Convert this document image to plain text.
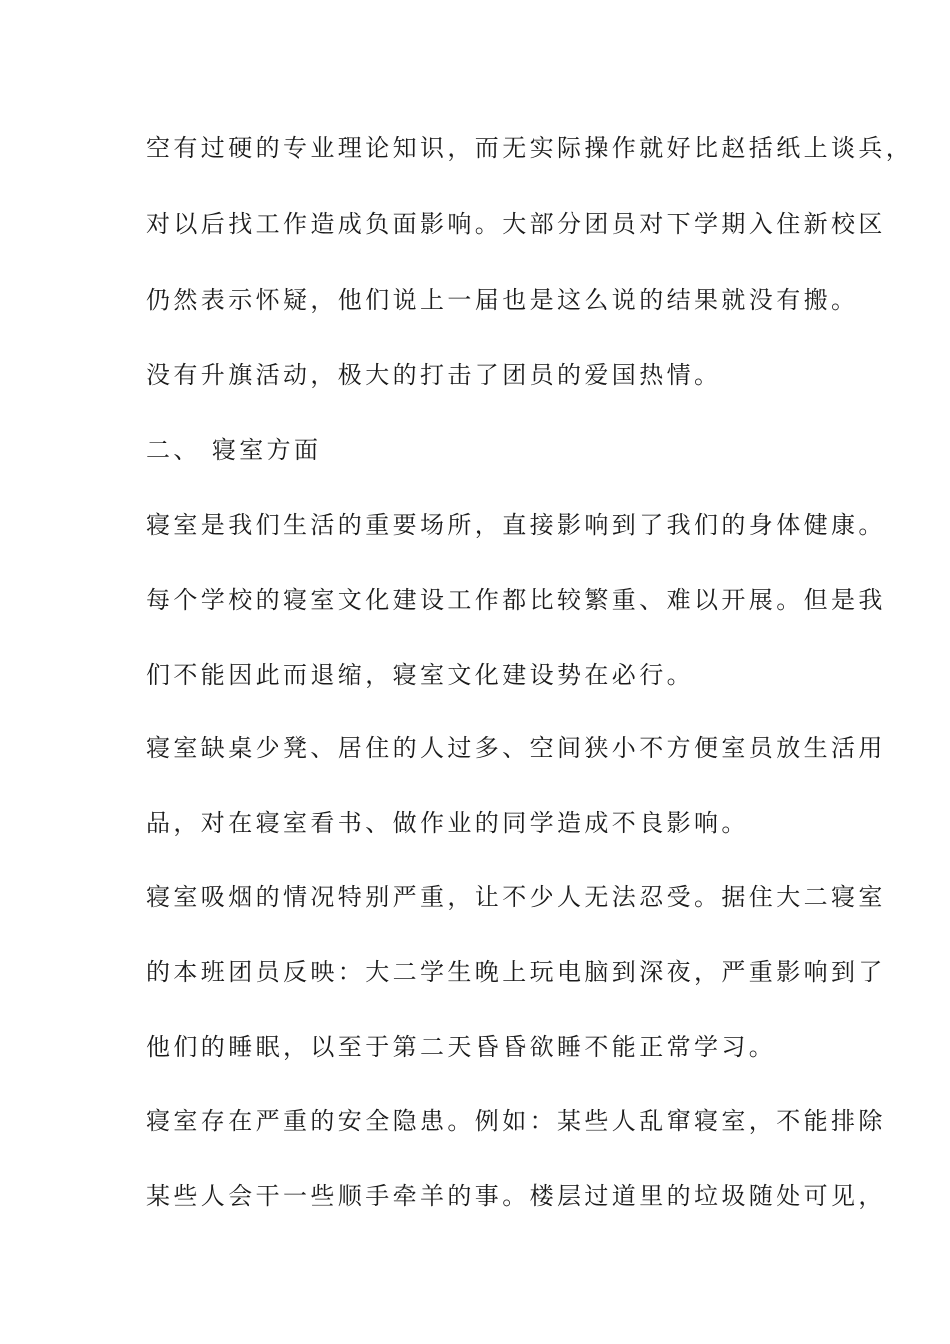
空有过硬的专业理论知识，而无实际操作就好比赵括纸上谈兵，
对以后找工作造成负面影响。大部分团员对下学期入住新校区
仍然表示怀疑，他们说上一届也是这么说的结果就没有搬。
没有升旗活动，极大的打击了团员的爱国热情。
二、 寝室方面
寝室是我们生活的重要场所，直接影响到了我们的身体健康。
每个学校的寝室文化建设工作都比较繁重、难以开展。但是我
们不能因此而退缩，寝室文化建设势在必行。
寝室缺桌少凳、居住的人过多、空间狭小不方便室员放生活用
品，对在寝室看书、做作业的同学造成不良影响。
寝室吸烟的情况特别严重，让不少人无法忍受。据住大二寝室
的本班团员反映：大二学生晚上玩电脑到深夜，严重影响到了
他们的睡眠，以至于第二天昏昏欲睡不能正常学习。
寝室存在严重的安全隐患。例如：某些人乱窜寝室，不能排除
某些人会干一些顺手牵羊的事。楼层过道里的垃圾随处可见，
